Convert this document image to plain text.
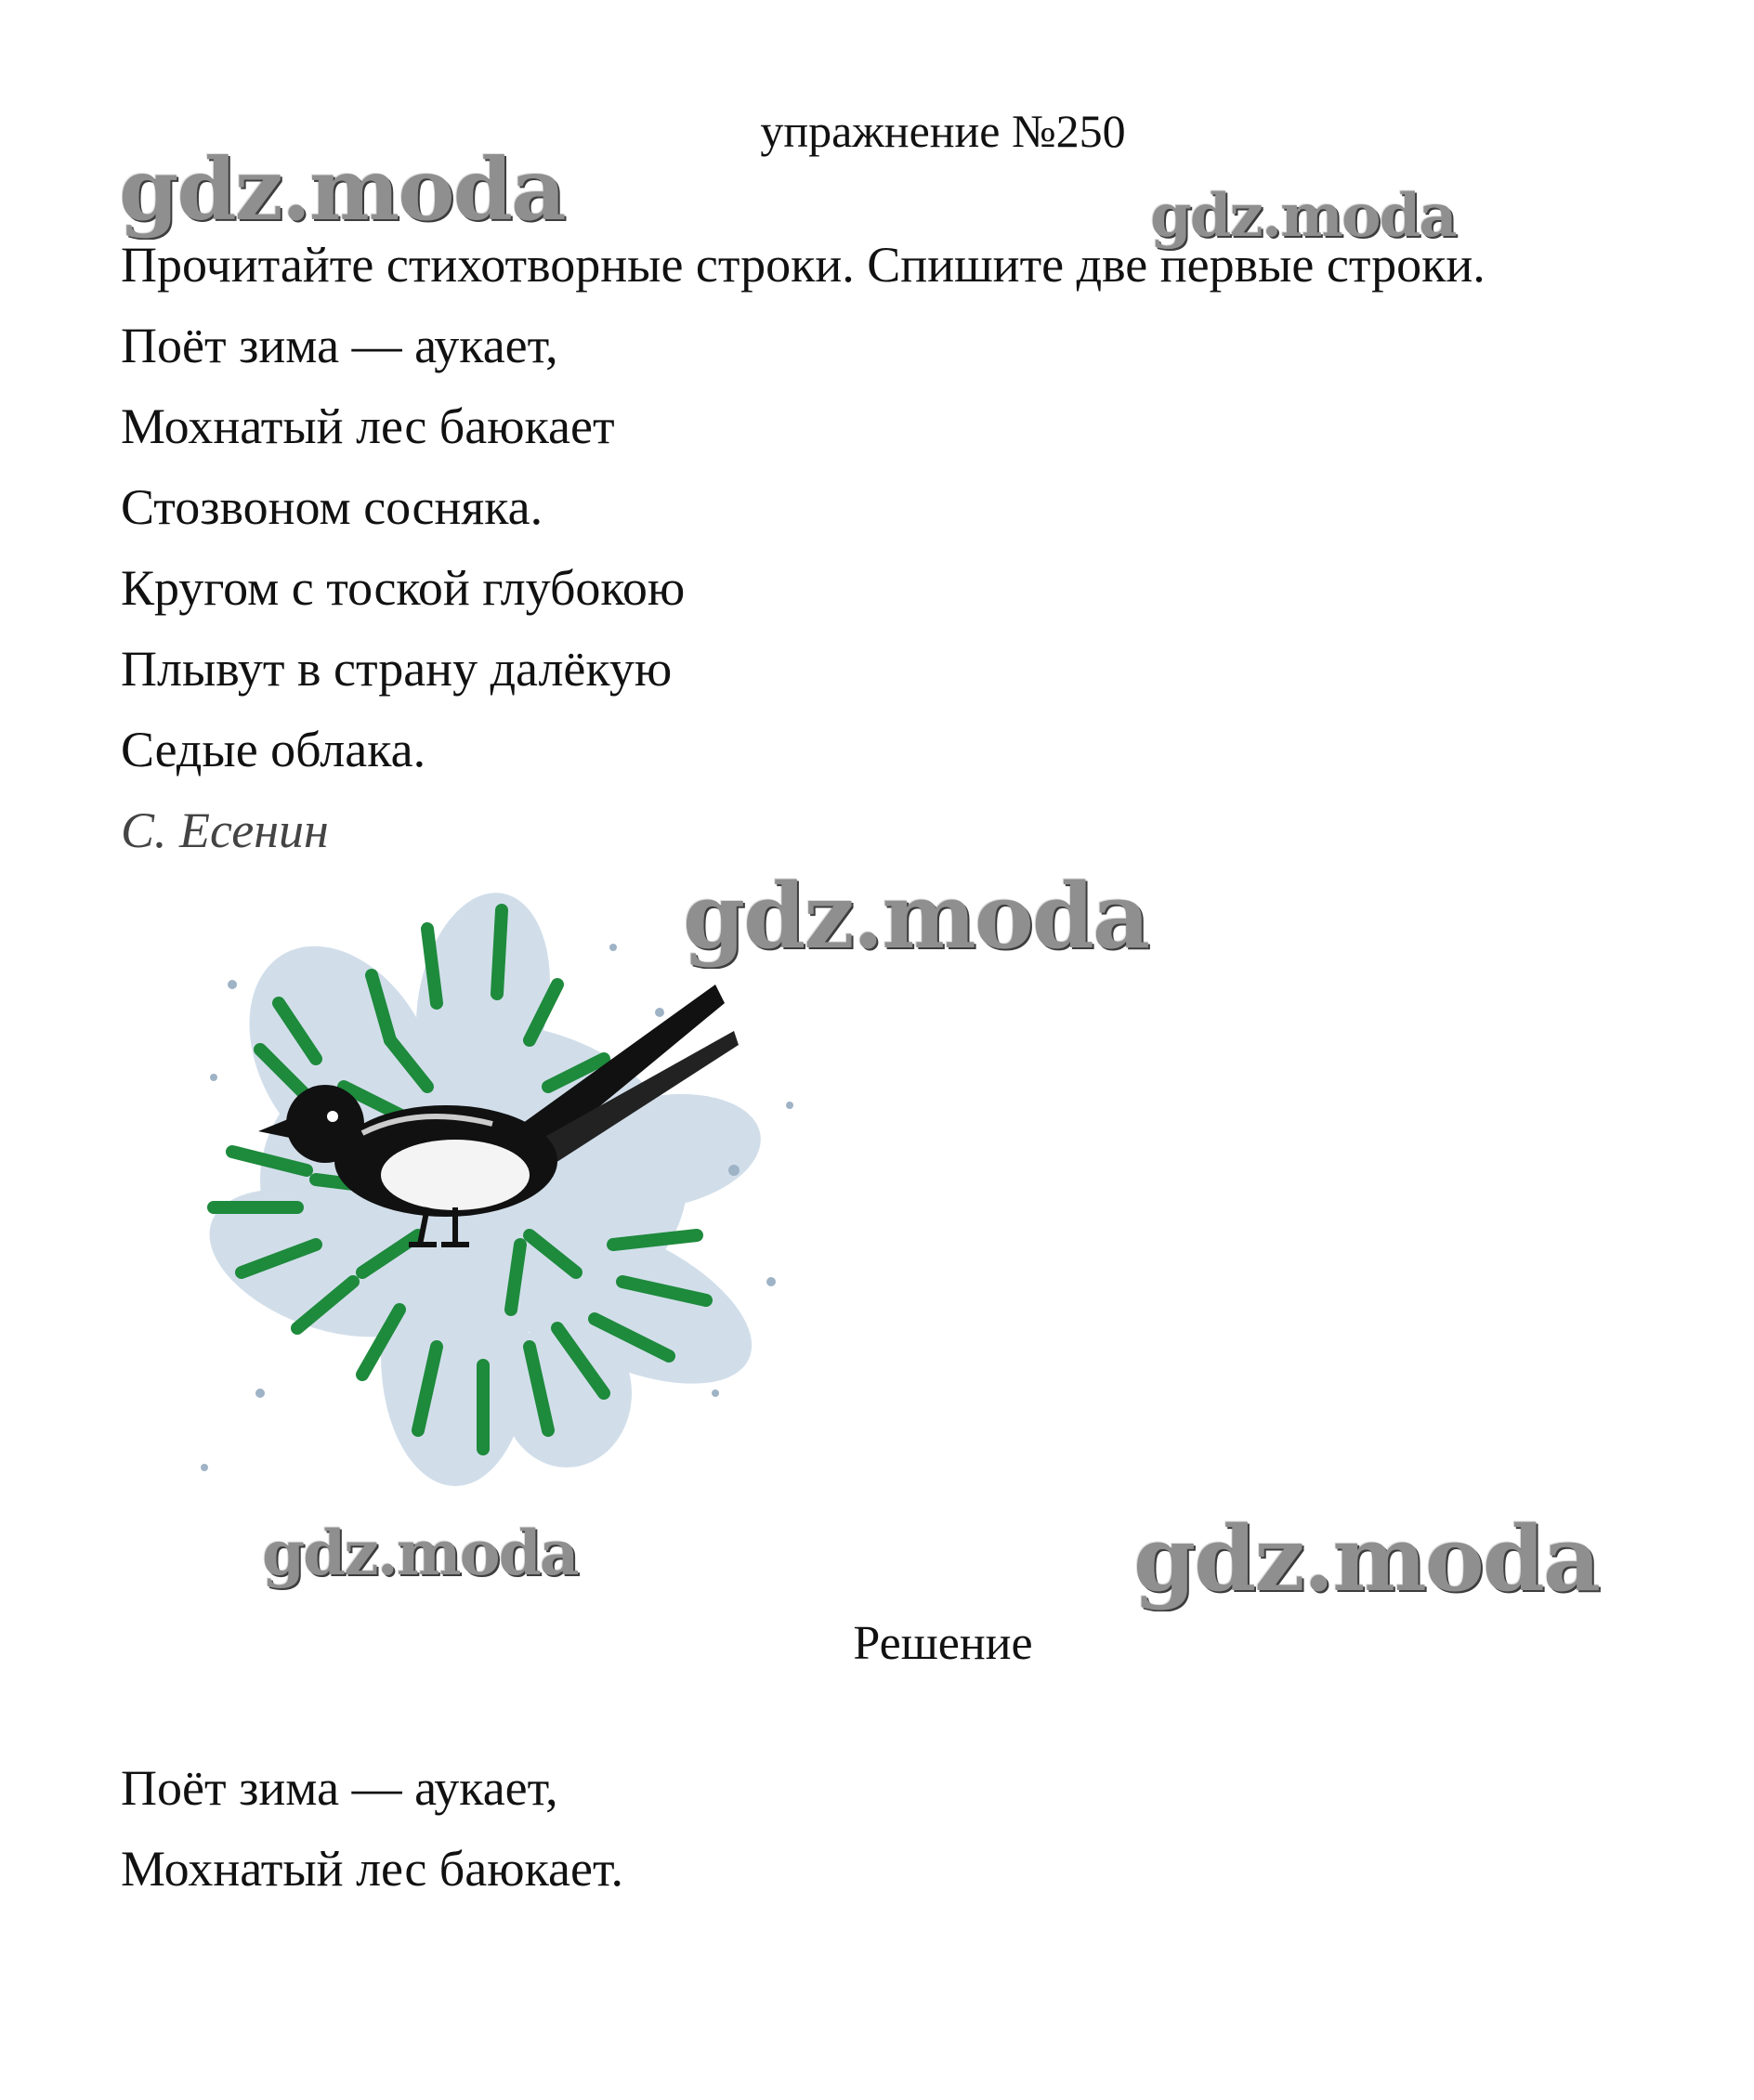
упражнение №250
Прочитайте стихотворные строки. Спишите две первые строки.
Поёт зима — аукает,
Мохнатый лес баюкает
Стозвоном сосняка.
Кругом с тоской глубокою
Плывут в страну далёкую
Седые облака.
С. Есенин
Решение
Поёт зима — аукает,
Мохнатый лес баюкает.
gdz.moda	gdz.moda
gdz.moda
gdz.moda	gdz.moda
